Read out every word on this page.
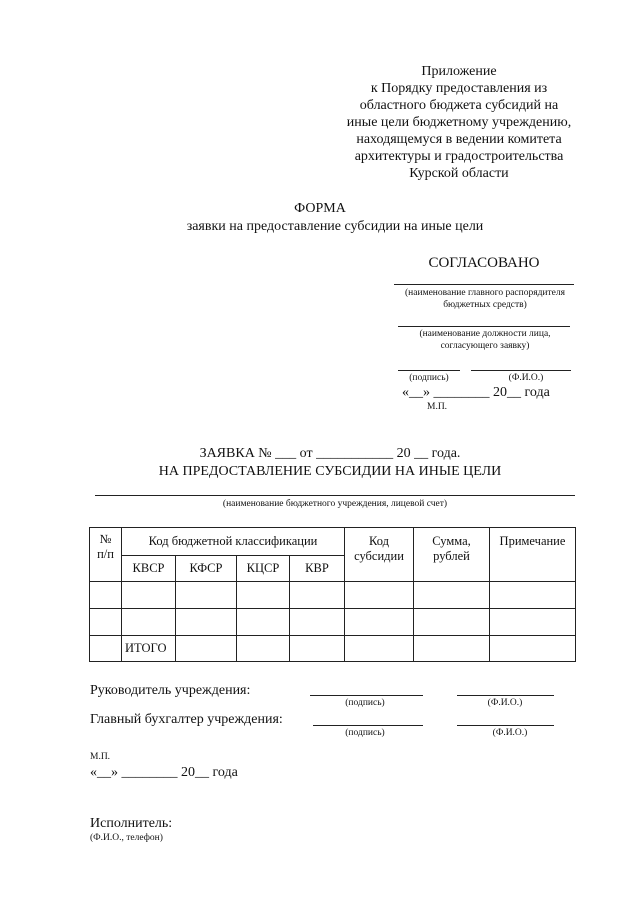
Приложение
к Порядку предоставления из
областного бюджета субсидий на
иные цели бюджетному учреждению,
находящемуся в ведении комитета
архитектуры и градостроительства
Курской области
ФОРМА
заявки на предоставление субсидии на иные цели
СОГЛАСОВАНО
(наименование главного распорядителя
бюджетных средств)
(наименование должности лица,
согласующего заявку)
(подпись)	(Ф.И.О.)
«__» ________ 20__ года
М.П.
ЗАЯВКА № ___ от ___________ 20 __ года.
НА ПРЕДОСТАВЛЕНИЕ СУБСИДИИ НА ИНЫЕ ЦЕЛИ
(наименование бюджетного учреждения, лицевой счет)
№ п/п	Код бюджетной классификации				Код субсидии	Сумма, рублей	Примечание
	КВСР	КФСР	КЦСР	КВР			

	ИТОГО						
Руководитель учреждения:
(подпись)	(Ф.И.О.)
Главный бухгалтер учреждения:
(подпись)	(Ф.И.О.)
М.П.
«__» ________ 20__ года
Исполнитель:
(Ф.И.О., телефон)
